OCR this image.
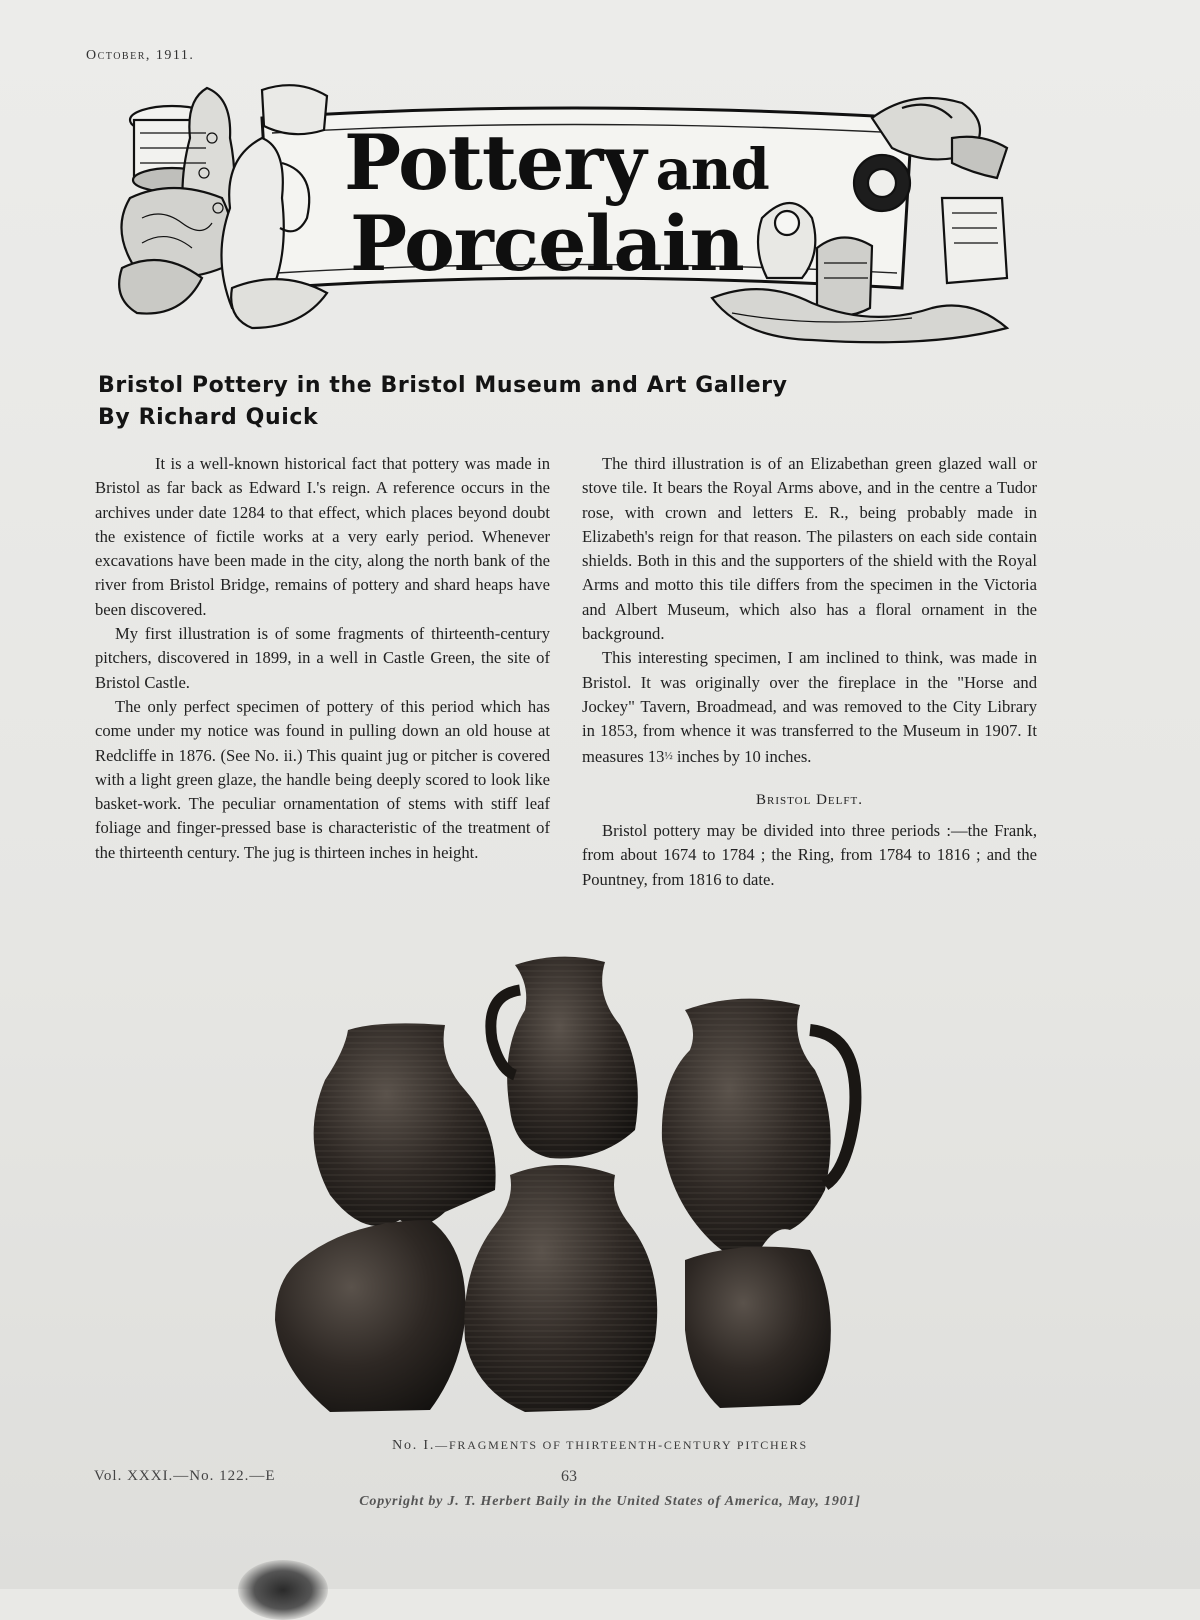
October, 1911.
Pottery and
Porcelain
Bristol Pottery in the Bristol Museum and Art Gallery
By Richard Quick

It is a well-known historical fact that pottery was made in Bristol as far back as Edward I.'s reign. A reference occurs in the archives under date 1284 to that effect, which places beyond doubt the existence of fictile works at a very early period. Whenever excavations have been made in the city, along the north bank of the river from Bristol Bridge, remains of pottery and shard heaps have been discovered.

My first illustration is of some fragments of thirteenth-century pitchers, discovered in 1899, in a well in Castle Green, the site of Bristol Castle.

The only perfect specimen of pottery of this period which has come under my notice was found in pulling down an old house at Redcliffe in 1876. (See No. ii.) This quaint jug or pitcher is covered with a light green glaze, the handle being deeply scored to look like basket-work. The peculiar ornamentation of stems with stiff leaf foliage and finger-pressed base is characteristic of the treatment of the thirteenth century. The jug is thirteen inches in height.

The third illustration is of an Elizabethan green glazed wall or stove tile. It bears the Royal Arms above, and in the centre a Tudor rose, with crown and letters E. R., being probably made in Elizabeth's reign for that reason. The pilasters on each side contain shields. Both in this and the supporters of the shield with the Royal Arms and motto this tile differs from the specimen in the Victoria and Albert Museum, which also has a floral ornament in the background.

This interesting specimen, I am inclined to think, was made in Bristol. It was originally over the fireplace in the "Horse and Jockey" Tavern, Broadmead, and was removed to the City Library in 1853, from whence it was transferred to the Museum in 1907. It measures 13½ inches by 10 inches.

Bristol Delft.

Bristol pottery may be divided into three periods :—the Frank, from about 1674 to 1784 ; the Ring, from 1784 to 1816 ; and the Pountney, from 1816 to date.

No. I.—FRAGMENTS OF THIRTEENTH-CENTURY PITCHERS
Vol. XXXI.—No. 122.—E	63
Copyright by J. T. Herbert Baily in the United States of America, May, 1901]
